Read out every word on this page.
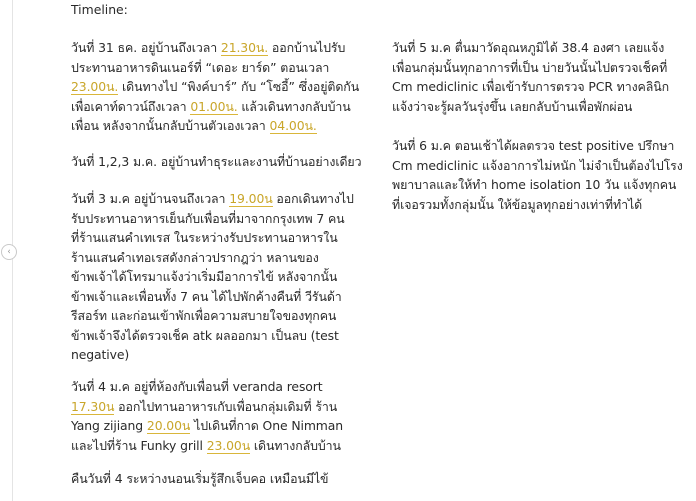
‹
Timeline:
วันที่ 31 ธค. อยู่บ้านถึงเวลา 21.30น. ออกบ้านไปรับ
ประทานอาหารดินเนอร์ที่ “เดอะ ยาร์ด” ตอนเวลา
23.00น. เดินทางไป “พิงค์บาร์” กับ “โซอี้” ซึ่งอยู่ติดกัน
เพื่อเคาท์ดาวน์ถึงเวลา 01.00น. แล้วเดินทางกลับบ้าน
เพื่อน หลังจากนั้นกลับบ้านตัวเองเวลา 04.00น.
วันที่ 1,2,3 ม.ค. อยู่บ้านทำธุระและงานที่บ้านอย่างเดียว
วันที่ 3 ม.ค อยู่บ้านจนถึงเวลา 19.00น ออกเดินทางไป
รับประทานอาหารเย็นกับเพื่อนที่มาจากกรุงเทพ 7 คน
ที่ร้านแสนคำเทเรส ในระหว่างรับประทานอาหารใน
ร้านแสนคำเทอเรสดังกล่าวปรากฎว่า หลานของ
ข้าพเจ้าได้โทรมาแจ้งว่าเริ่มมีอาการไข้ หลังจากนั้น
ข้าพเจ้าและเพื่อนทั้ง 7 คน ได้ไปพักค้างคืนที่ วีรันด้า
รีสอร์ท และก่อนเข้าพักเพื่อความสบายใจของทุกคน
ข้าพเจ้าจึงได้ตรวจเช็ค atk ผลออกมา เป็นลบ (test
negative)
วันที่ 4 ม.ค อยู่ที่ห้องกับเพื่อนที่ veranda resort
17.30น ออกไปทานอาหารเกับเพื่อนกลุ่มเดิมที่ ร้าน
Yang zijiang 20.00น ไปเดินที่กาด One Nimman
และไปที่ร้าน Funky grill 23.00น เดินทางกลับบ้าน
คืนวันที่ 4 ระหว่างนอนเริ่มรู้สึกเจ็บคอ เหมือนมีไข้
วันที่ 5 ม.ค ตื่นมาวัดอุณหภูมิได้ 38.4 องศา เลยแจ้ง
เพื่อนกลุ่มนั้นทุกอาการที่เป็น บ่ายวันนั้นไปตรวจเช็คที่
Cm mediclinic เพื่อเข้ารับการตรวจ PCR ทางคลินิก
แจ้งว่าจะรู้ผลวันรุ่งขึ้น เลยกลับบ้านเพื่อพักผ่อน
วันที่ 6 ม.ค ตอนเช้าได้ผลตรวจ test positive ปรึกษา
Cm mediclinic แจ้งอาการไม่หนัก ไม่จำเป็นต้องไปโรง
พยาบาลและให้ทำ home isolation 10 วัน แจ้งทุกคน
ที่เจอรวมทั้งกลุ่มนั้น ให้ข้อมูลทุกอย่างเท่าที่ทำได้
